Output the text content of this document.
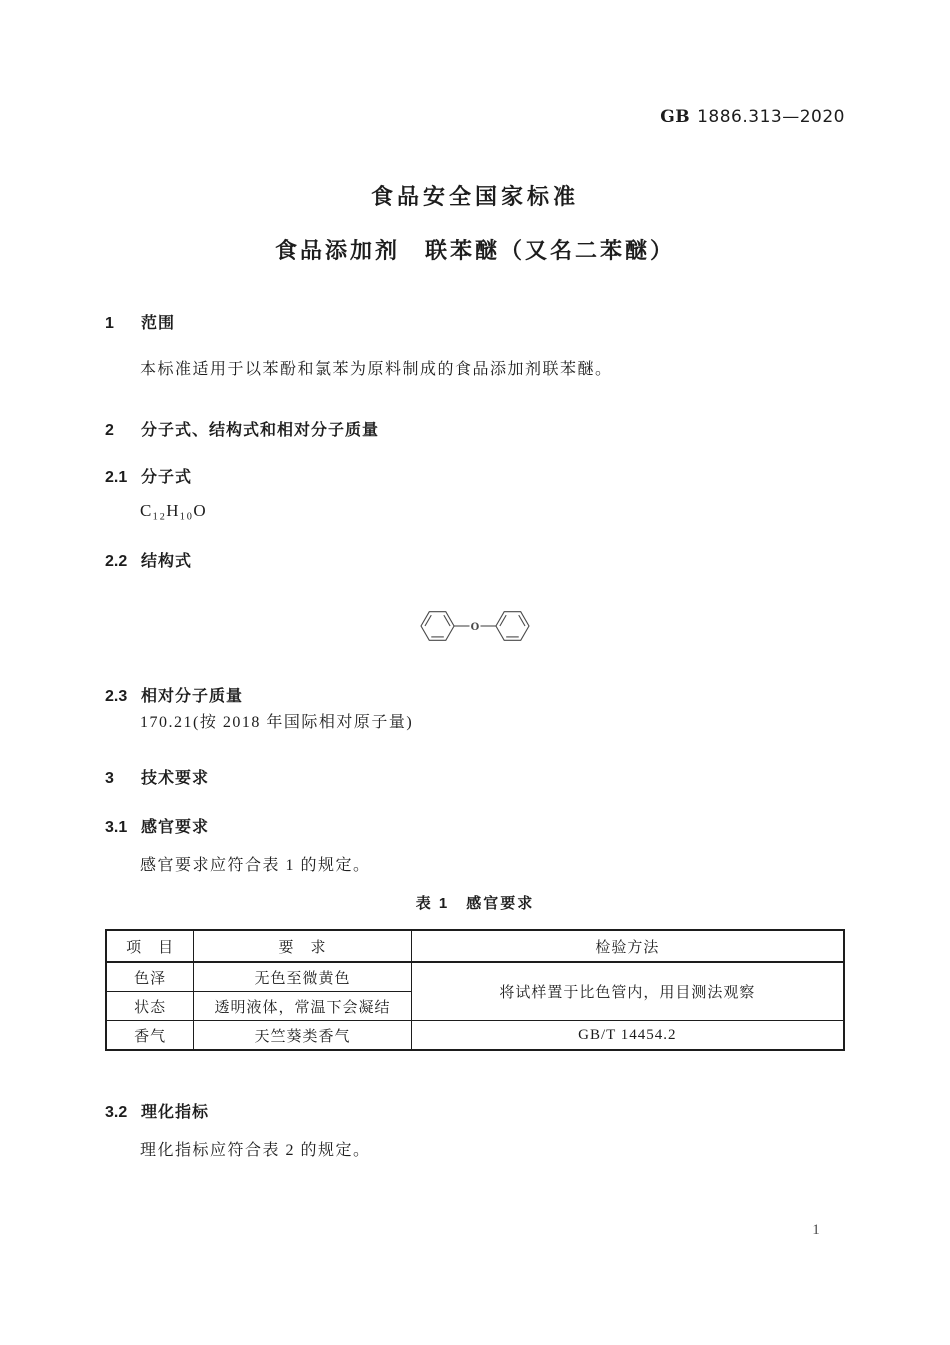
GB 1886.313—2020
食品安全国家标准
食品添加剂　联苯醚（又名二苯醚）
1 范围
本标准适用于以苯酚和氯苯为原料制成的食品添加剂联苯醚。
2 分子式、结构式和相对分子质量
2.1 分子式
C₁₂H₁₀O
2.2 结构式
O
2.3 相对分子质量
170.21(按 2018 年国际相对原子量)
3 技术要求
3.1 感官要求
感官要求应符合表 1 的规定。
表 1　感官要求
项　目	要　求	检验方法
色泽	无色至微黄色	将试样置于比色管内，用目测法观察
状态	透明液体，常温下会凝结	
香气	天竺葵类香气	GB/T 14454.2
3.2 理化指标
理化指标应符合表 2 的规定。
1
